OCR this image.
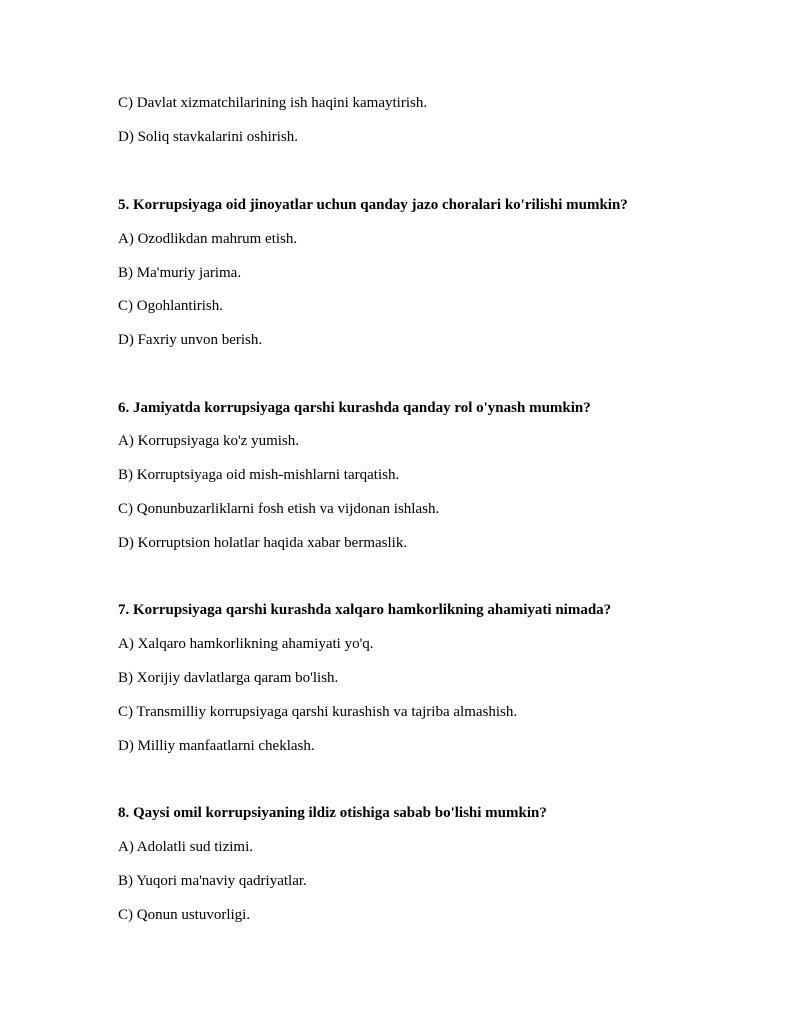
C) Davlat xizmatchilarining ish haqini kamaytirish.
D) Soliq stavkalarini oshirish.
5. Korrupsiyaga oid jinoyatlar uchun qanday jazo choralari ko'rilishi mumkin?
A) Ozodlikdan mahrum etish.
B) Ma'muriy jarima.
C) Ogohlantirish.
D) Faxriy unvon berish.
6. Jamiyatda korrupsiyaga qarshi kurashda qanday rol o'ynash mumkin?
A) Korrupsiyaga ko'z yumish.
B) Korruptsiyaga oid mish-mishlarni tarqatish.
C) Qonunbuzarliklarni fosh etish va vijdonan ishlash.
D) Korruptsion holatlar haqida xabar bermaslik.
7. Korrupsiyaga qarshi kurashda xalqaro hamkorlikning ahamiyati nimada?
A) Xalqaro hamkorlikning ahamiyati yo'q.
B) Xorijiy davlatlarga qaram bo'lish.
C) Transmilliy korrupsiyaga qarshi kurashish va tajriba almashish.
D) Milliy manfaatlarni cheklash.
8. Qaysi omil korrupsiyaning ildiz otishiga sabab bo'lishi mumkin?
A) Adolatli sud tizimi.
B) Yuqori ma'naviy qadriyatlar.
C) Qonun ustuvorligi.
